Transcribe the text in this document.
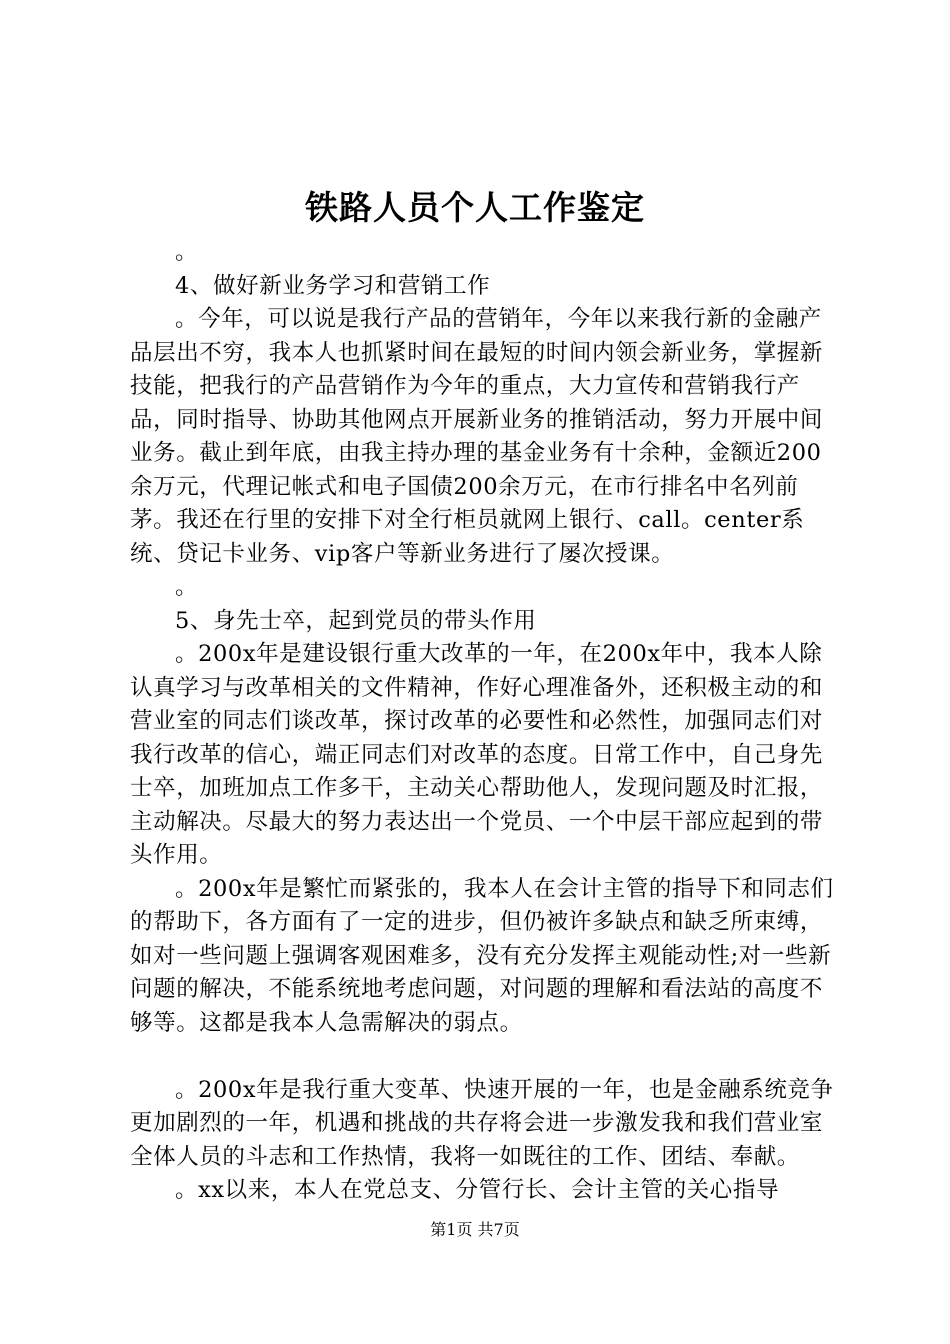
铁路人员个人工作鉴定

。

4、做好新业务学习和营销工作

。今年，可以说是我行产品的营销年，今年以来我行新的金融产品层出不穷，我本人也抓紧时间在最短的时间内领会新业务，掌握新技能，把我行的产品营销作为今年的重点，大力宣传和营销我行产品，同时指导、协助其他网点开展新业务的推销活动，努力开展中间业务。截止到年底，由我主持办理的基金业务有十余种，金额近200余万元，代理记帐式和电子国债200余万元，在市行排名中名列前茅。我还在行里的安排下对全行柜员就网上银行、call。center系统、贷记卡业务、vip客户等新业务进行了屡次授课。

。

5、身先士卒，起到党员的带头作用

。200x年是建设银行重大改革的一年，在200x年中，我本人除认真学习与改革相关的文件精神，作好心理准备外，还积极主动的和营业室的同志们谈改革，探讨改革的必要性和必然性，加强同志们对我行改革的信心，端正同志们对改革的态度。日常工作中，自己身先士卒，加班加点工作多干，主动关心帮助他人，发现问题及时汇报，主动解决。尽最大的努力表达出一个党员、一个中层干部应起到的带头作用。

。200x年是繁忙而紧张的，我本人在会计主管的指导下和同志们的帮助下，各方面有了一定的进步，但仍被许多缺点和缺乏所束缚，如对一些问题上强调客观困难多，没有充分发挥主观能动性;对一些新问题的解决，不能系统地考虑问题，对问题的理解和看法站的高度不够等。这都是我本人急需解决的弱点。

。200x年是我行重大变革、快速开展的一年，也是金融系统竞争更加剧烈的一年，机遇和挑战的共存将会进一步激发我和我们营业室全体人员的斗志和工作热情，我将一如既往的工作、团结、奉献。

。xx以来，本人在党总支、分管行长、会计主管的关心指导

第1页 共7页
